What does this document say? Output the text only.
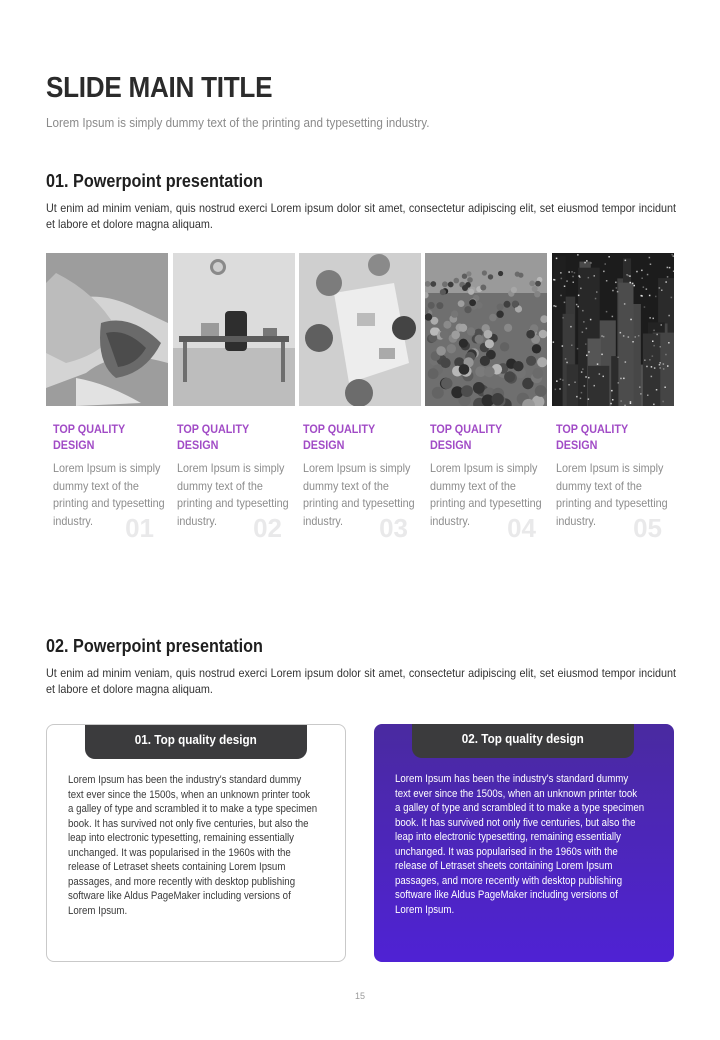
SLIDE MAIN TITLE
Lorem Ipsum is simply dummy text of the printing and typesetting industry.
01. Powerpoint presentation
Ut enim ad minim veniam, quis nostrud exerci Lorem ipsum dolor sit amet, consectetur adipiscing elit, set eiusmod tempor incidunt et labore et dolore magna aliquam.
01	02	03	04	05
TOP QUALITY DESIGN
TOP QUALITY DESIGN
TOP QUALITY DESIGN
TOP QUALITY DESIGN
TOP QUALITY DESIGN
Lorem Ipsum is simply dummy text of the printing and typesetting industry.
Lorem Ipsum is simply dummy text of the printing and typesetting industry.
Lorem Ipsum is simply dummy text of the printing and typesetting industry.
Lorem Ipsum is simply dummy text of the printing and typesetting industry.
Lorem Ipsum is simply dummy text of the printing and typesetting industry.
02. Powerpoint presentation
Ut enim ad minim veniam, quis nostrud exerci Lorem ipsum dolor sit amet, consectetur adipiscing elit, set eiusmod tempor incidunt et labore et dolore magna aliquam.
01. Top quality design
Lorem Ipsum has been the industry's standard dummy text ever since the 1500s, when an unknown printer took a galley of type and scrambled it to make a type specimen book. It has survived not only five centuries, but also the leap into electronic typesetting, remaining essentially unchanged. It was popularised in the 1960s with the release of Letraset sheets containing Lorem Ipsum passages, and more recently with desktop publishing software like Aldus PageMaker including versions of Lorem Ipsum.
02. Top quality design
Lorem Ipsum has been the industry's standard dummy text ever since the 1500s, when an unknown printer took a galley of type and scrambled it to make a type specimen book. It has survived not only five centuries, but also the leap into electronic typesetting, remaining essentially unchanged. It was popularised in the 1960s with the release of Letraset sheets containing Lorem Ipsum passages, and more recently with desktop publishing software like Aldus PageMaker including versions of Lorem Ipsum.
15
